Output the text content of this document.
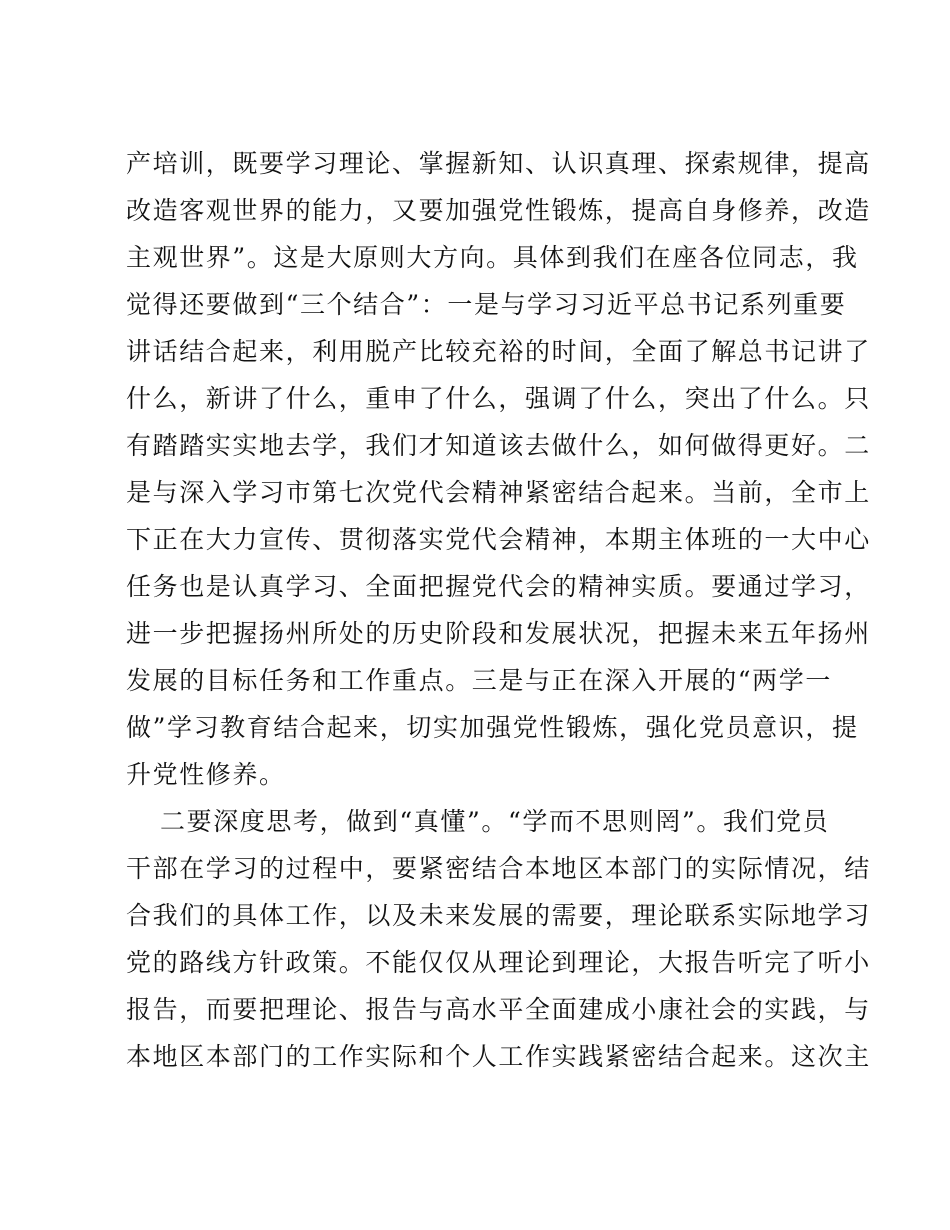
产培训，既要学习理论、掌握新知、认识真理、探索规律，提高
改造客观世界的能力，又要加强党性锻炼，提高自身修养，改造
主观世界”。这是大原则大方向。具体到我们在座各位同志，我
觉得还要做到“三个结合”：一是与学习习近平总书记系列重要
讲话结合起来，利用脱产比较充裕的时间，全面了解总书记讲了
什么，新讲了什么，重申了什么，强调了什么，突出了什么。只
有踏踏实实地去学，我们才知道该去做什么，如何做得更好。二
是与深入学习市第七次党代会精神紧密结合起来。当前，全市上
下正在大力宣传、贯彻落实党代会精神，本期主体班的一大中心
任务也是认真学习、全面把握党代会的精神实质。要通过学习，
进一步把握扬州所处的历史阶段和发展状况，把握未来五年扬州
发展的目标任务和工作重点。三是与正在深入开展的“两学一
做”学习教育结合起来，切实加强党性锻炼，强化党员意识，提
升党性修养。
二要深度思考，做到“真懂”。“学而不思则罔”。我们党员
干部在学习的过程中，要紧密结合本地区本部门的实际情况，结
合我们的具体工作，以及未来发展的需要，理论联系实际地学习
党的路线方针政策。不能仅仅从理论到理论，大报告听完了听小
报告，而要把理论、报告与高水平全面建成小康社会的实践，与
本地区本部门的工作实际和个人工作实践紧密结合起来。这次主
